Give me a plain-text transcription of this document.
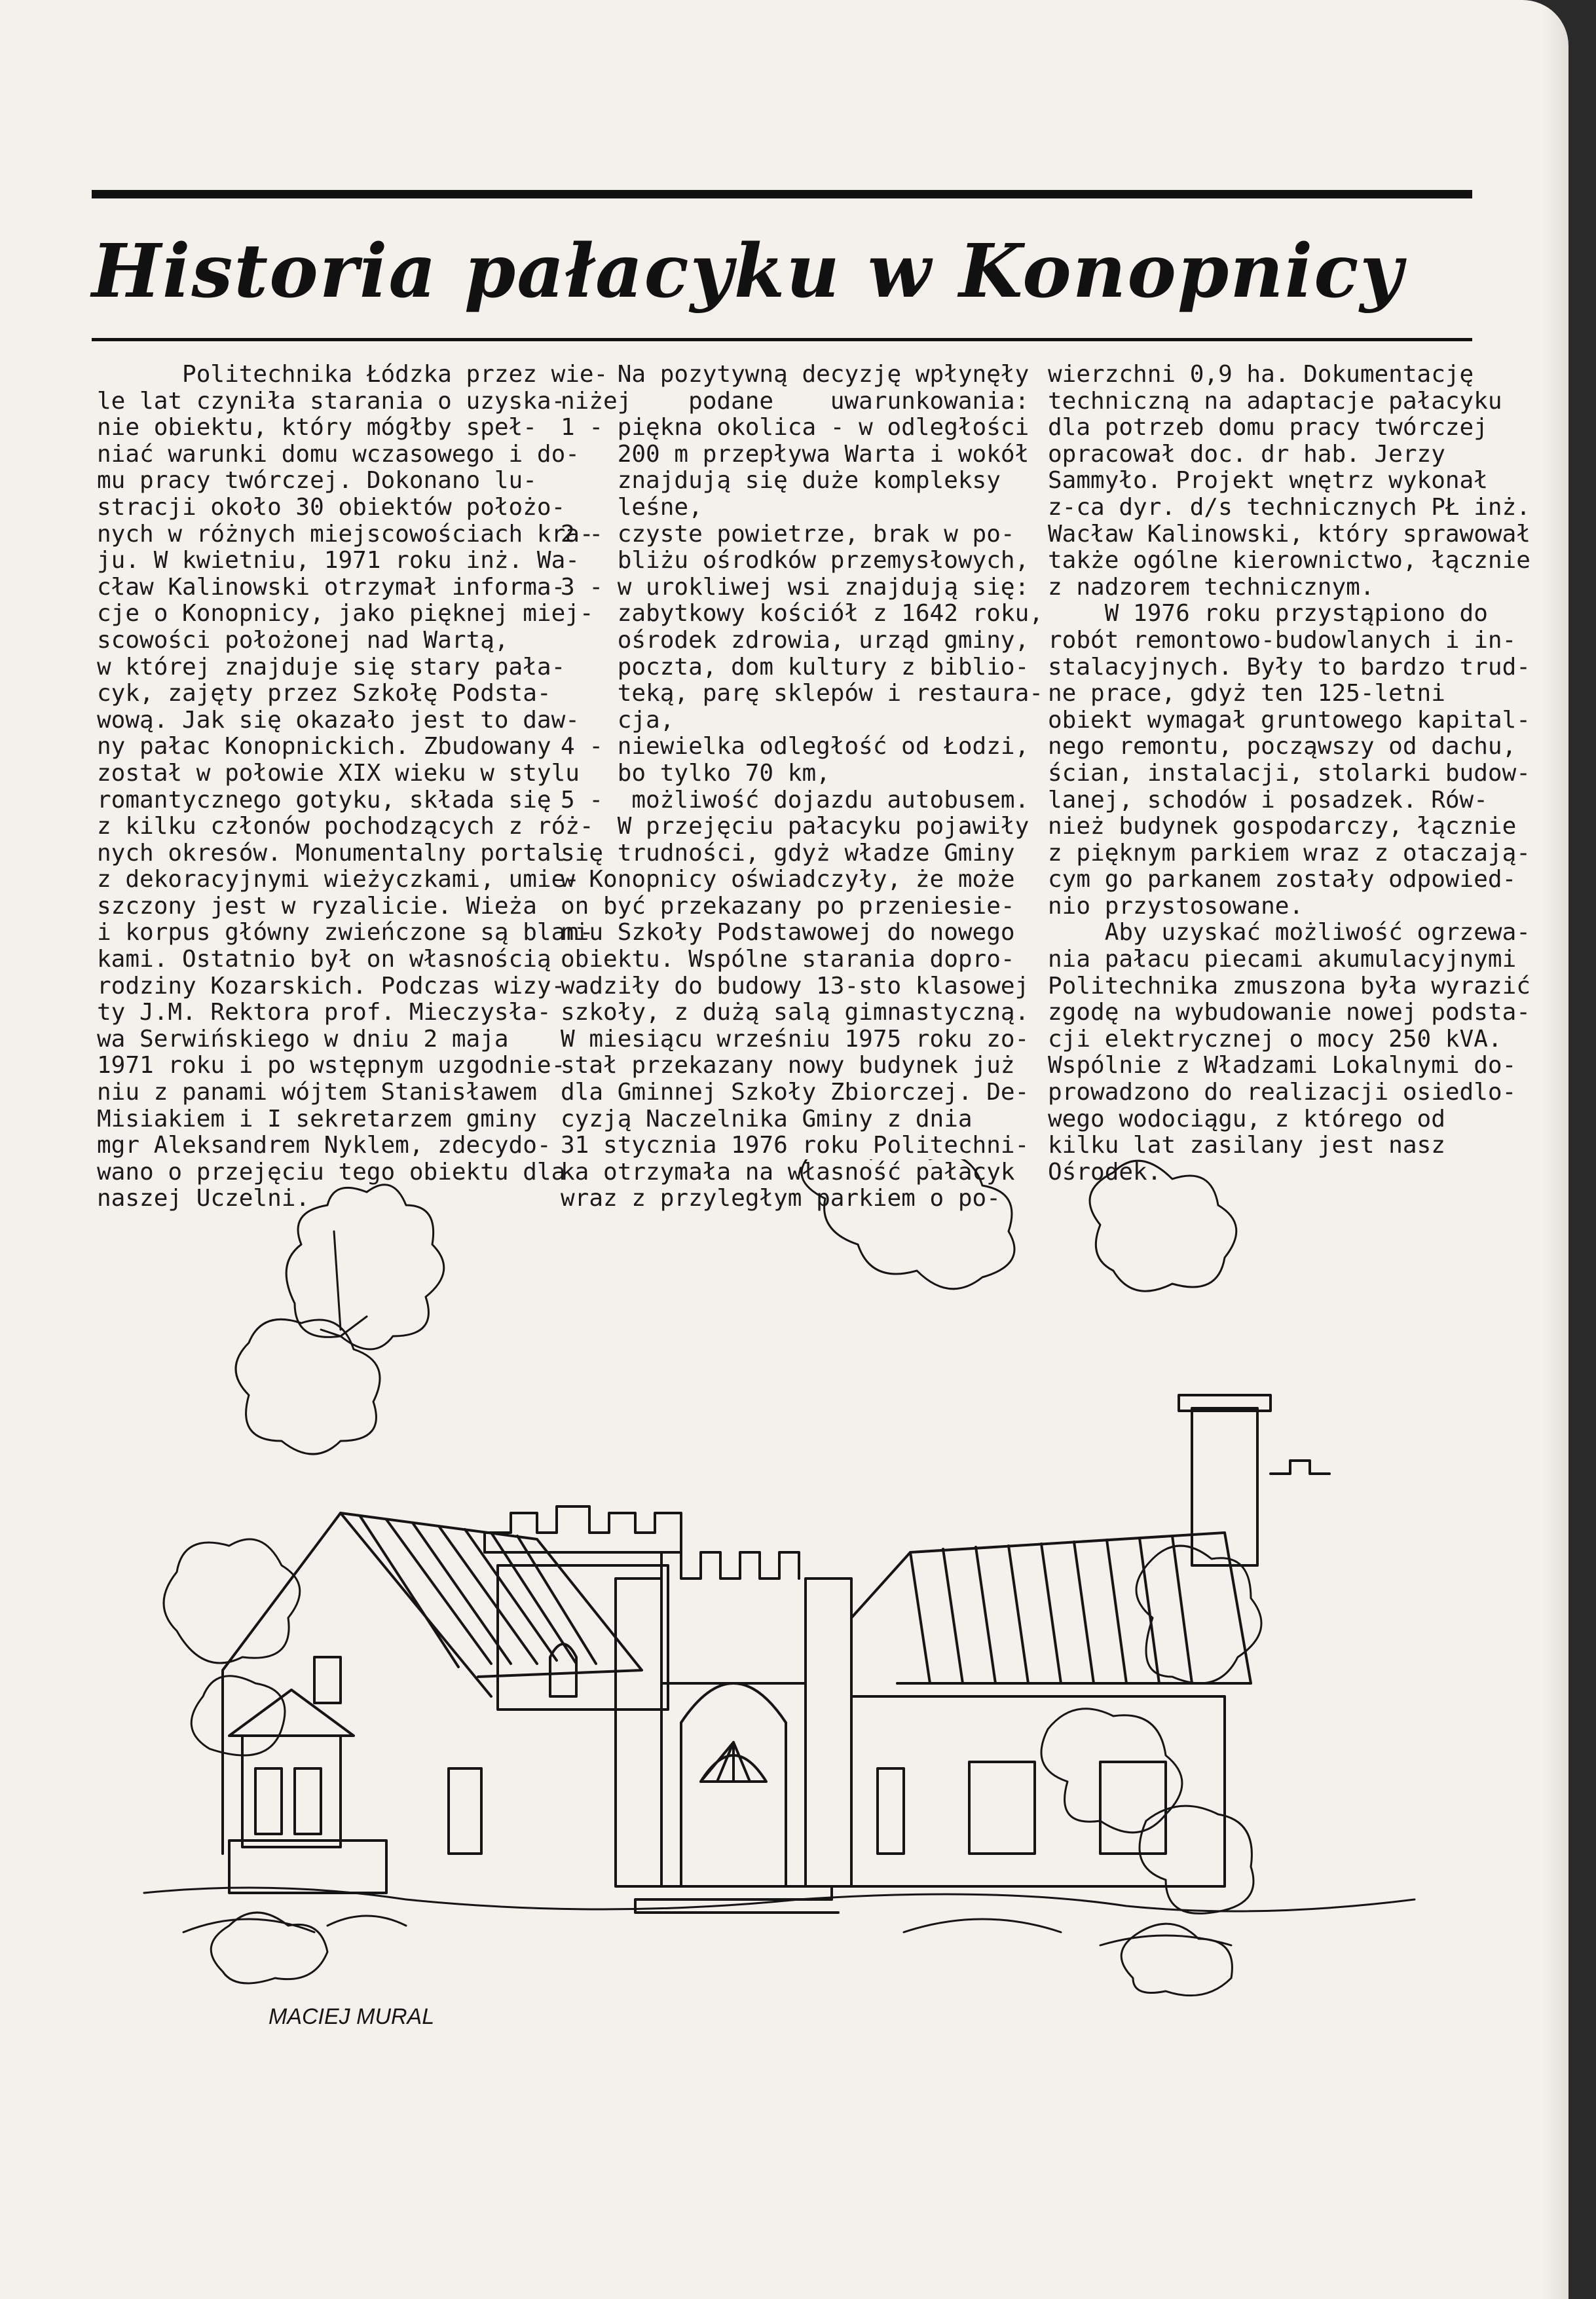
Historia pałacyku w Konopnicy
Politechnika Łódzka przez wie-
le lat czyniła starania o uzyska-
nie obiektu, który mógłby speł-
niać warunki domu wczasowego i do-
mu pracy twórczej. Dokonano lu-
stracji około 30 obiektów położo-
nych w różnych miejscowościach kra-
ju. W kwietniu, 1971 roku inż. Wa-
cław Kalinowski otrzymał informa-
cje o Konopnicy, jako pięknej miej-
scowości położonej nad Wartą,
w której znajduje się stary pała-
cyk, zajęty przez Szkołę Podsta-
wową. Jak się okazało jest to daw-
ny pałac Konopnickich. Zbudowany
został w połowie XIX wieku w stylu
romantycznego gotyku, składa się
z kilku członów pochodzących z róż-
nych okresów. Monumentalny portal
z dekoracyjnymi wieżyczkami, umie-
szczony jest w ryzalicie. Wieża
i korpus główny zwieńczone są blan-
kami. Ostatnio był on własnością
rodziny Kozarskich. Podczas wizy-
ty J.M. Rektora prof. Mieczysła-
wa Serwińskiego w dniu 2 maja
1971 roku i po wstępnym uzgodnie-
niu z panami wójtem Stanisławem
Misiakiem i I sekretarzem gminy
mgr Aleksandrem Nyklem, zdecydo-
wano o przejęciu tego obiektu dla
naszej Uczelni.
Na pozytywną decyzję wpłynęły
niżej    podane    uwarunkowania:
1 - piękna okolica - w odległości
200 m przepływa Warta i wokół
znajdują się duże kompleksy
leśne,
2 - czyste powietrze, brak w po-
bliżu ośrodków przemysłowych,
3 - w urokliwej wsi znajdują się:
zabytkowy kościół z 1642 roku,
ośrodek zdrowia, urząd gminy,
poczta, dom kultury z biblio-
teką, parę sklepów i restaura-
cja,
4 - niewielka odległość od Łodzi,
bo tylko 70 km,
5 -  możliwość dojazdu autobusem.
W przejęciu pałacyku pojawiły
się trudności, gdyż władze Gminy
w Konopnicy oświadczyły, że może
on być przekazany po przeniesie-
niu Szkoły Podstawowej do nowego
obiektu. Wspólne starania dopro-
wadziły do budowy 13-sto klasowej
szkoły, z dużą salą gimnastyczną.
W miesiącu wrześniu 1975 roku zo-
stał przekazany nowy budynek już
dla Gminnej Szkoły Zbiorczej. De-
cyzją Naczelnika Gminy z dnia
31 stycznia 1976 roku Politechni-
ka otrzymała na własność pałacyk
wraz z przyległym parkiem o po-
wierzchni 0,9 ha. Dokumentację
techniczną na adaptacje pałacyku
dla potrzeb domu pracy twórczej
opracował doc. dr hab. Jerzy
Sammyło. Projekt wnętrz wykonał
z-ca dyr. d/s technicznych PŁ inż.
Wacław Kalinowski, który sprawował
także ogólne kierownictwo, łącznie
z nadzorem technicznym.
W 1976 roku przystąpiono do
robót remontowo-budowlanych i in-
stalacyjnych. Były to bardzo trud-
ne prace, gdyż ten 125-letni
obiekt wymagał gruntowego kapital-
nego remontu, począwszy od dachu,
ścian, instalacji, stolarki budow-
lanej, schodów i posadzek. Rów-
nież budynek gospodarczy, łącznie
z pięknym parkiem wraz z otaczają-
cym go parkanem zostały odpowied-
nio przystosowane.
Aby uzyskać możliwość ogrzewa-
nia pałacu piecami akumulacyjnymi
Politechnika zmuszona była wyrazić
zgodę na wybudowanie nowej podsta-
cji elektrycznej o mocy 250 kVA.
Wspólnie z Władzami Lokalnymi do-
prowadzono do realizacji osiedlo-
wego wodociągu, z którego od
kilku lat zasilany jest nasz
Ośrodek.
MACIEJ MURAL
